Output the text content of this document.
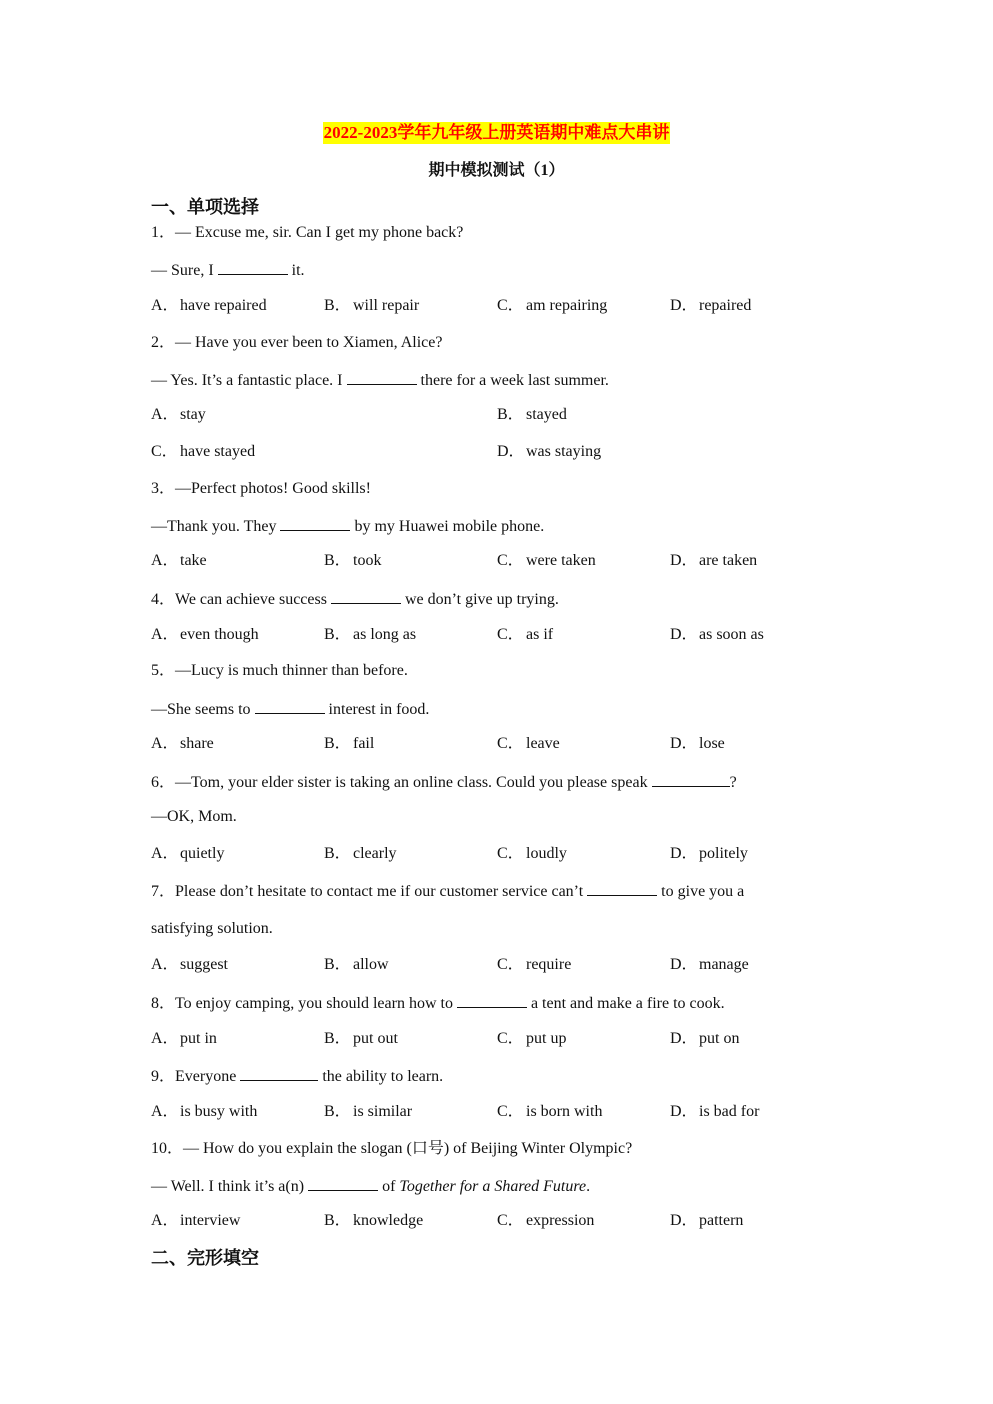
2022-2023学年九年级上册英语期中难点大串讲
期中模拟测试（1）
一、单项选择
1．— Excuse me, sir. Can I get my phone back?
— Sure, I	it.
A．have repaired	B． will repair	C． am repairing	D．repaired
2．— Have you ever been to Xiamen, Alice?
— Yes. It’s a fantastic place. I	there for a week last summer.
A．stay	B． stayed
C． have stayed	D．was staying
3．—Perfect photos! Good skills!
—Thank you. They	by my Huawei mobile phone.
A．take	B． took	C． were taken	D．are taken
4．We can achieve success	we don’t give up trying.
A．even though	B． as long as	C． as if	D．as soon as
5．—Lucy is much thinner than before.
—She seems to	interest in food.
A．share	B． fail	C． leave	D．lose
6．—Tom, your elder sister is taking an online class. Could you please speak	?
—OK, Mom.
A．quietly	B． clearly	C． loudly	D．politely
7．Please don’t hesitate to contact me if our customer service can’t	to give you a
satisfying solution.
A．suggest	B． allow	C． require	D．manage
8．To enjoy camping, you should learn how to	a tent and make a fire to cook.
A．put in	B． put out	C． put up	D．put on
9．Everyone	the ability to learn.
A．is busy with	B． is similar	C． is born with	D．is bad for
10．— How do you explain the slogan (口号) of Beijing Winter Olympic?
— Well. I think it’s a(n)	of Together for a Shared Future.
A．interview	B． knowledge	C． expression	D．pattern
二、完形填空
